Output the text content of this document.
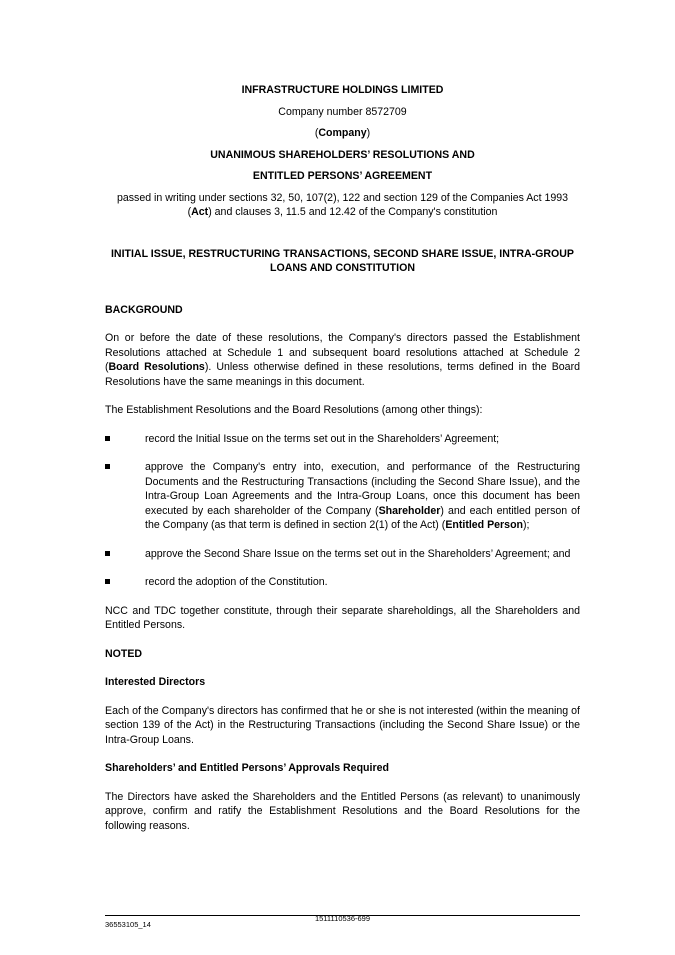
INFRASTRUCTURE HOLDINGS LIMITED

Company number 8572709

(Company)

UNANIMOUS SHAREHOLDERS’ RESOLUTIONS AND

ENTITLED PERSONS’ AGREEMENT

passed in writing under sections 32, 50, 107(2), 122 and section 129 of the Companies Act 1993 (Act) and clauses 3, 11.5 and 12.42 of the Company's constitution

INITIAL ISSUE, RESTRUCTURING TRANSACTIONS, SECOND SHARE ISSUE, INTRA-GROUP LOANS AND CONSTITUTION

BACKGROUND

On or before the date of these resolutions, the Company's directors passed the Establishment Resolutions attached at Schedule 1 and subsequent board resolutions attached at Schedule 2 (Board Resolutions). Unless otherwise defined in these resolutions, terms defined in the Board Resolutions have the same meanings in this document.

The Establishment Resolutions and the Board Resolutions (among other things):

record the Initial Issue on the terms set out in the Shareholders’ Agreement;
approve the Company's entry into, execution, and performance of the Restructuring Documents and the Restructuring Transactions (including the Second Share Issue), and the Intra-Group Loan Agreements and the Intra-Group Loans, once this document has been executed by each shareholder of the Company (Shareholder) and each entitled person of the Company (as that term is defined in section 2(1) of the Act) (Entitled Person);
approve the Second Share Issue on the terms set out in the Shareholders’ Agreement; and
record the adoption of the Constitution.

NCC and TDC together constitute, through their separate shareholdings, all the Shareholders and Entitled Persons.

NOTED

Interested Directors

Each of the Company's directors has confirmed that he or she is not interested (within the meaning of section 139 of the Act) in the Restructuring Transactions (including the Second Share Issue) or the Intra-Group Loans.

Shareholders’ and Entitled Persons’ Approvals Required

The Directors have asked the Shareholders and the Entitled Persons (as relevant) to unanimously approve, confirm and ratify the Establishment Resolutions and the Board Resolutions for the following reasons.

1511110536-699
36553105_14
